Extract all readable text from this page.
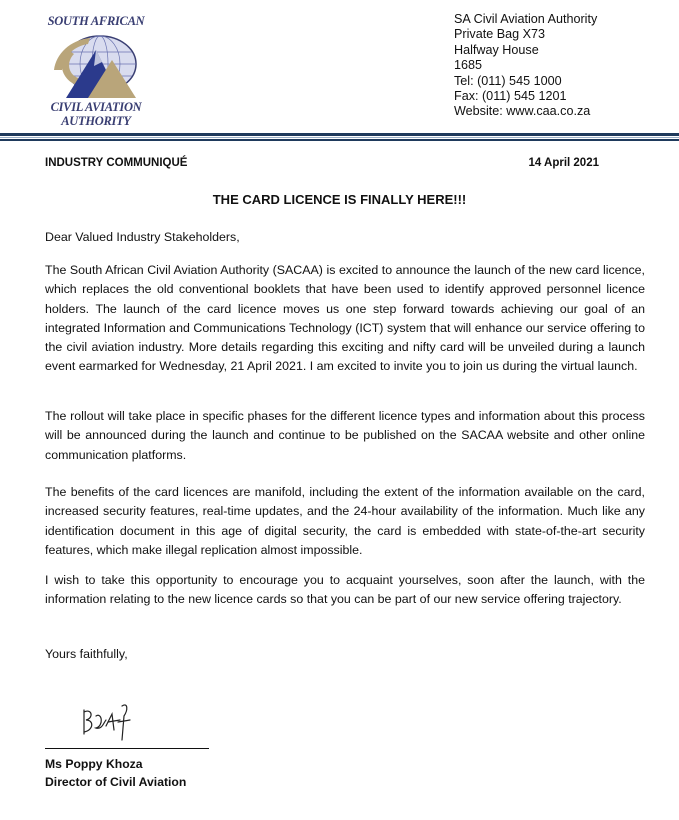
SOUTH AFRICAN
CIVIL AVIATION
AUTHORITY
SA Civil Aviation Authority
Private Bag X73
Halfway House
1685
Tel: (011) 545 1000
Fax: (011) 545 1201
Website: www.caa.co.za
INDUSTRY COMMUNIQUÉ	14 April 2021
THE CARD LICENCE IS FINALLY HERE!!!
Dear Valued Industry Stakeholders,
The South African Civil Aviation Authority (SACAA) is excited to announce the launch of the new card licence, which replaces the old conventional booklets that have been used to identify approved personnel licence holders. The launch of the card licence moves us one step forward towards achieving our goal of an integrated Information and Communications Technology (ICT) system that will enhance our service offering to the civil aviation industry. More details regarding this exciting and nifty card will be unveiled during a launch event earmarked for Wednesday, 21 April 2021. I am excited to invite you to join us during the virtual launch.
The rollout will take place in specific phases for the different licence types and information about this process will be announced during the launch and continue to be published on the SACAA website and other online communication platforms.
The benefits of the card licences are manifold, including the extent of the information available on the card, increased security features, real-time updates, and the 24-hour availability of the information. Much like any identification document in this age of digital security, the card is embedded with state-of-the-art security features, which make illegal replication almost impossible.
I wish to take this opportunity to encourage you to acquaint yourselves, soon after the launch, with the information relating to the new licence cards so that you can be part of our new service offering trajectory.
Yours faithfully,
Ms Poppy Khoza
Director of Civil Aviation
